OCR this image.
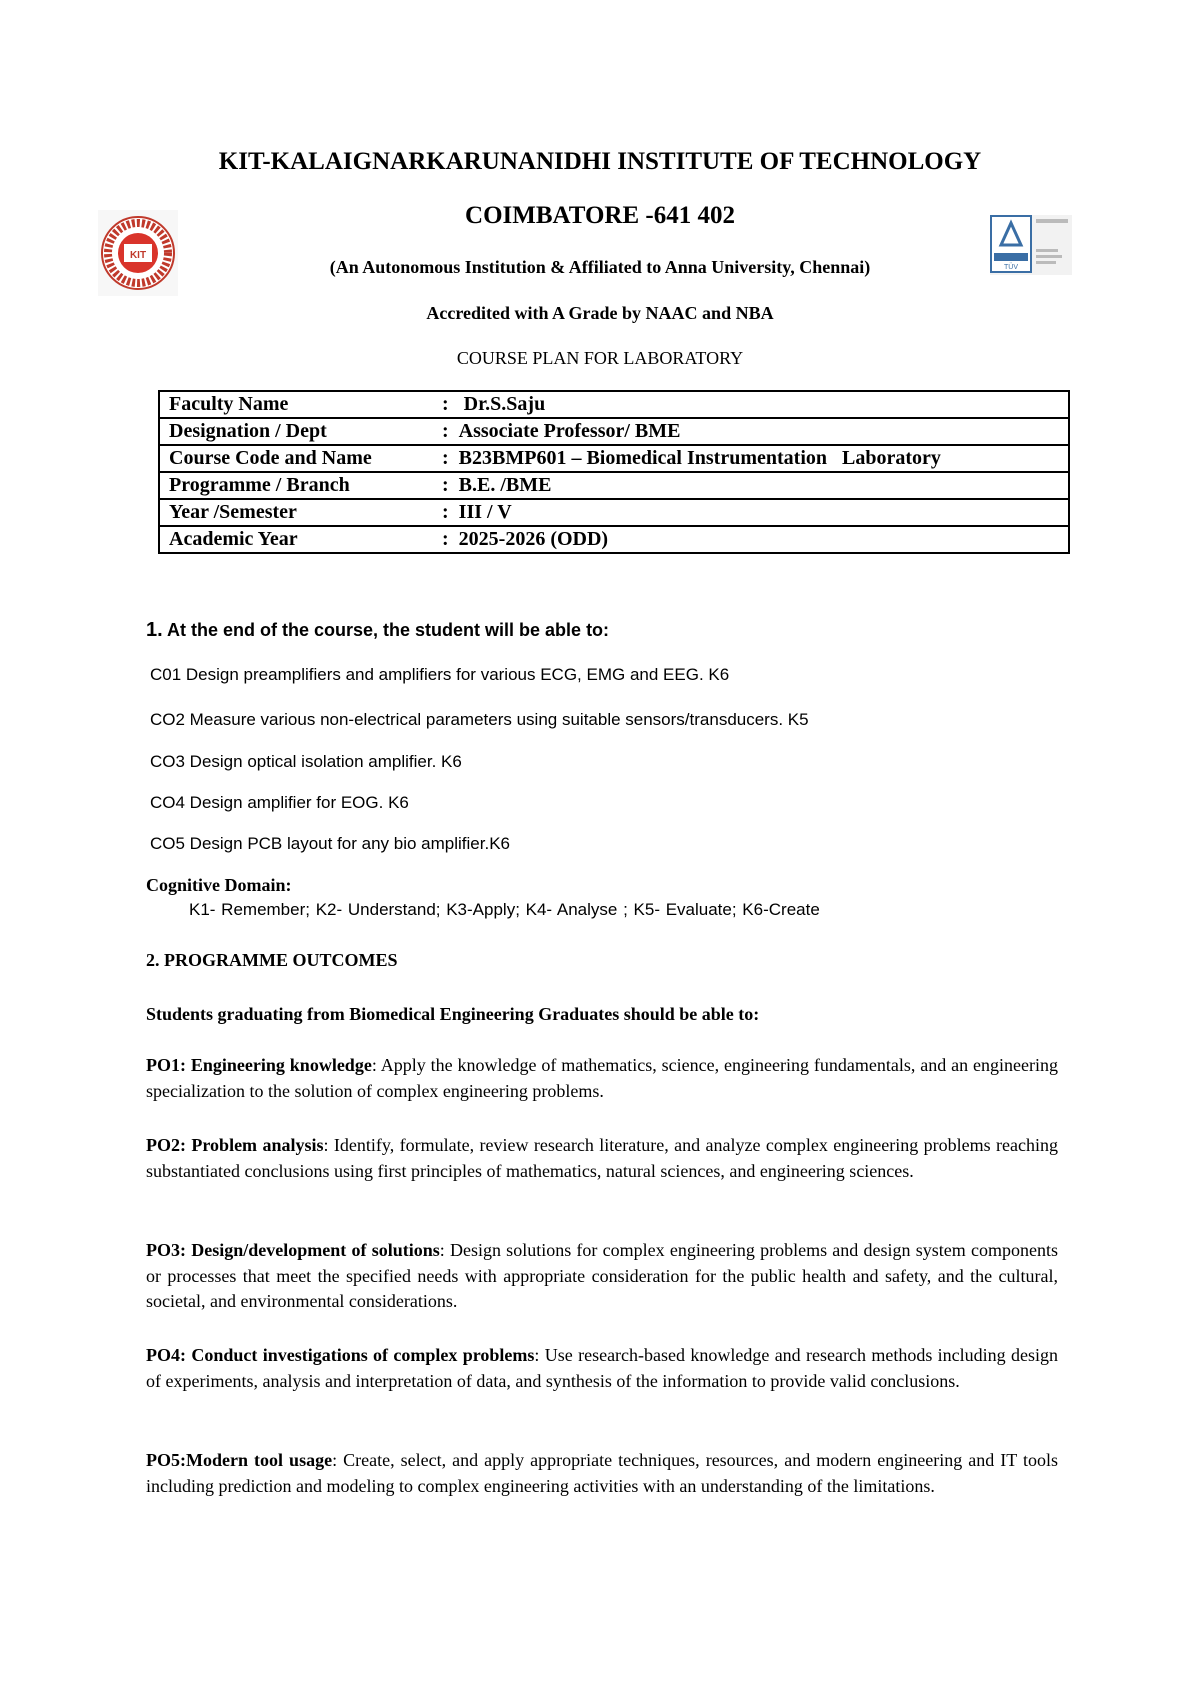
KIT-KALAIGNARKARUNANIDHI INSTITUTE OF TECHNOLOGY
COIMBATORE -641 402
(An Autonomous Institution & Affiliated to Anna University, Chennai)
Accredited with A Grade by NAAC and NBA
COURSE PLAN FOR LABORATORY
KIT
TÜV
Faculty Name	: Dr.S.Saju
Designation / Dept	: Associate Professor/ BME
Course Code and Name	: B23BMP601 – Biomedical Instrumentation   Laboratory
Programme / Branch	: B.E. /BME
Year /Semester	: III / V
Academic Year	: 2025-2026 (ODD)
1. At the end of the course, the student will be able to:
C01 Design preamplifiers and amplifiers for various ECG, EMG and EEG. K6
CO2 Measure various non-electrical parameters using suitable sensors/transducers. K5
CO3 Design optical isolation amplifier. K6
CO4 Design amplifier for EOG. K6
CO5 Design PCB layout for any bio amplifier.K6
Cognitive Domain:
K1- Remember; K2- Understand; K3-Apply; K4- Analyse ; K5- Evaluate; K6-Create
2. PROGRAMME OUTCOMES
Students graduating from Biomedical Engineering Graduates should be able to:
PO1: Engineering knowledge: Apply the knowledge of mathematics, science, engineering fundamentals, and an engineering specialization to the solution of complex engineering problems.
PO2: Problem analysis: Identify, formulate, review research literature, and analyze complex engineering problems reaching substantiated conclusions using first principles of mathematics, natural sciences, and engineering sciences.
PO3: Design/development of solutions: Design solutions for complex engineering problems and design system components or processes that meet the specified needs with appropriate consideration for the public health and safety, and the cultural, societal, and environmental considerations.
PO4: Conduct investigations of complex problems: Use research-based knowledge and research methods including design of experiments, analysis and interpretation of data, and synthesis of the information to provide valid conclusions.
PO5:Modern tool usage: Create, select, and apply appropriate techniques, resources, and modern engineering and IT tools including prediction and modeling to complex engineering activities with an understanding of the limitations.
